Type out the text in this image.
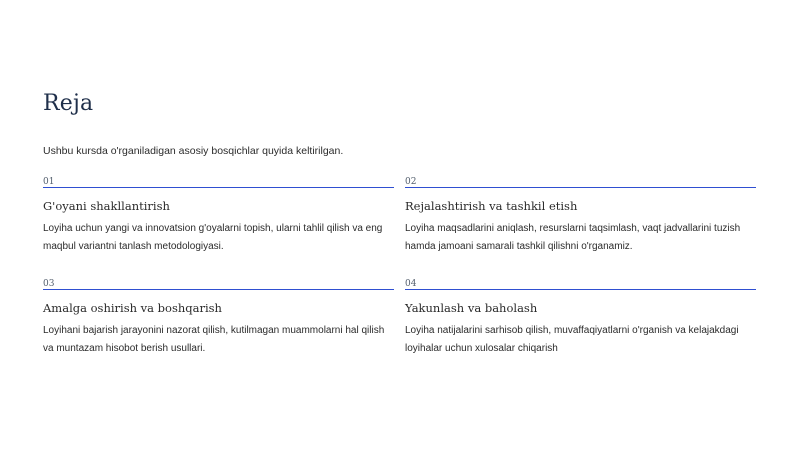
Reja

Ushbu kursda o'rganiladigan asosiy bosqichlar quyida keltirilgan.

01
G'oyani shakllantirish
Loyiha uchun yangi va innovatsion g'oyalarni topish, ularni tahlil qilish va eng maqbul variantni tanlash metodologiyasi.
02
Rejalashtirish va tashkil etish
Loyiha maqsadlarini aniqlash, resurslarni taqsimlash, vaqt jadvallarini tuzish hamda jamoani samarali tashkil qilishni o'rganamiz.
03
Amalga oshirish va boshqarish
Loyihani bajarish jarayonini nazorat qilish, kutilmagan muammolarni hal qilish va muntazam hisobot berish usullari.
04
Yakunlash va baholash
Loyiha natijalarini sarhisob qilish, muvaffaqiyatlarni o'rganish va kelajakdagi loyihalar uchun xulosalar chiqarish
